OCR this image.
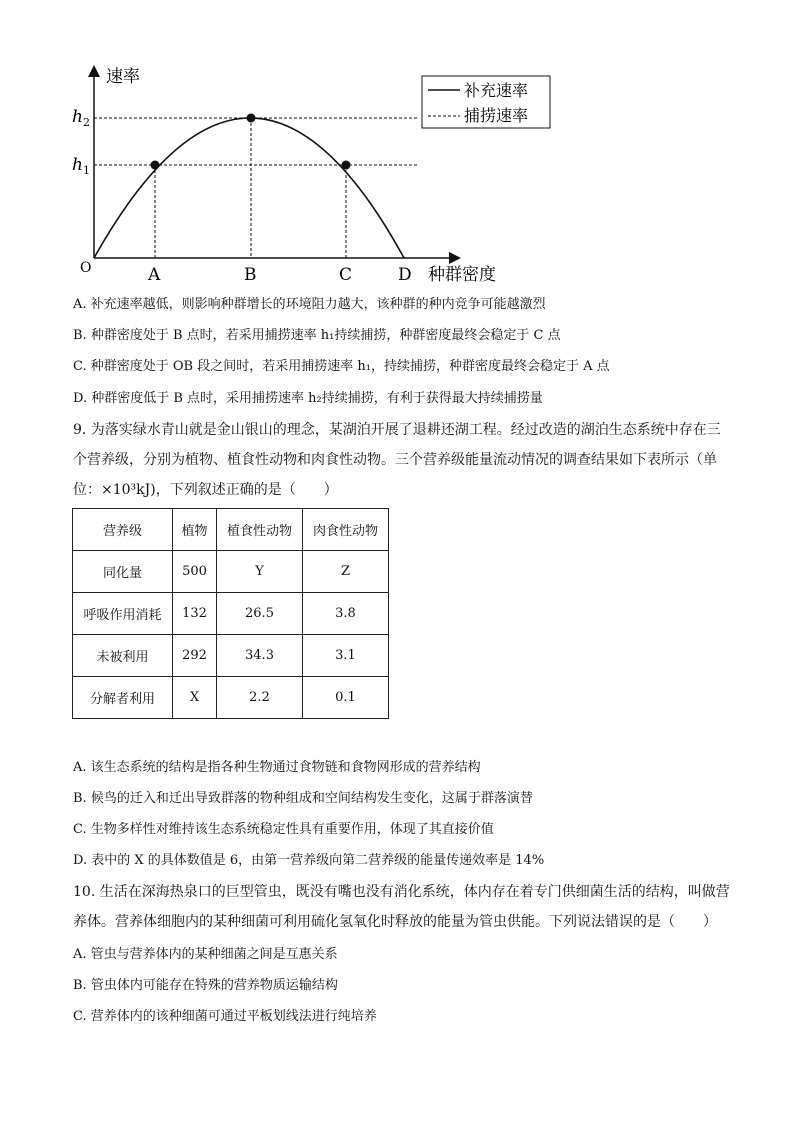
速率
O
$h_2$
$h_1$
A	B	C	D 种群密度
补充速率
捕捞速率
A. 补充速率越低，则影响种群增长的环境阻力越大，该种群的种内竞争可能越激烈
B. 种群密度处于 B 点时，若采用捕捞速率 h₁持续捕捞，种群密度最终会稳定于 C 点
C. 种群密度处于 OB 段之间时，若采用捕捞速率 h₁，持续捕捞，种群密度最终会稳定于 A 点
D. 种群密度低于 B 点时，采用捕捞速率 h₂持续捕捞，有利于获得最大持续捕捞量
9. 为落实绿水青山就是金山银山的理念，某湖泊开展了退耕还湖工程。经过改造的湖泊生态系统中存在三
个营养级，分别为植物、植食性动物和肉食性动物。三个营养级能量流动情况的调查结果如下表所示（单
位：×10³kJ)，下列叙述正确的是（　　）
营养级	植物	植食性动物	肉食性动物
同化量	500	Y	Z
呼吸作用消耗	132	26.5	3.8
未被利用	292	34.3	3.1
分解者利用	X	2.2	0.1
A. 该生态系统的结构是指各种生物通过食物链和食物网形成的营养结构
B. 候鸟的迁入和迁出导致群落的物种组成和空间结构发生变化，这属于群落演替
C. 生物多样性对维持该生态系统稳定性具有重要作用，体现了其直接价值
D. 表中的 X 的具体数值是 6，由第一营养级向第二营养级的能量传递效率是 14%
10. 生活在深海热泉口的巨型管虫，既没有嘴也没有消化系统，体内存在着专门供细菌生活的结构，叫做营
养体。营养体细胞内的某种细菌可利用硫化氢氧化时释放的能量为管虫供能。下列说法错误的是（　　）
A. 管虫与营养体内的某种细菌之间是互惠关系
B. 管虫体内可能存在特殊的营养物质运输结构
C. 营养体内的该种细菌可通过平板划线法进行纯培养
